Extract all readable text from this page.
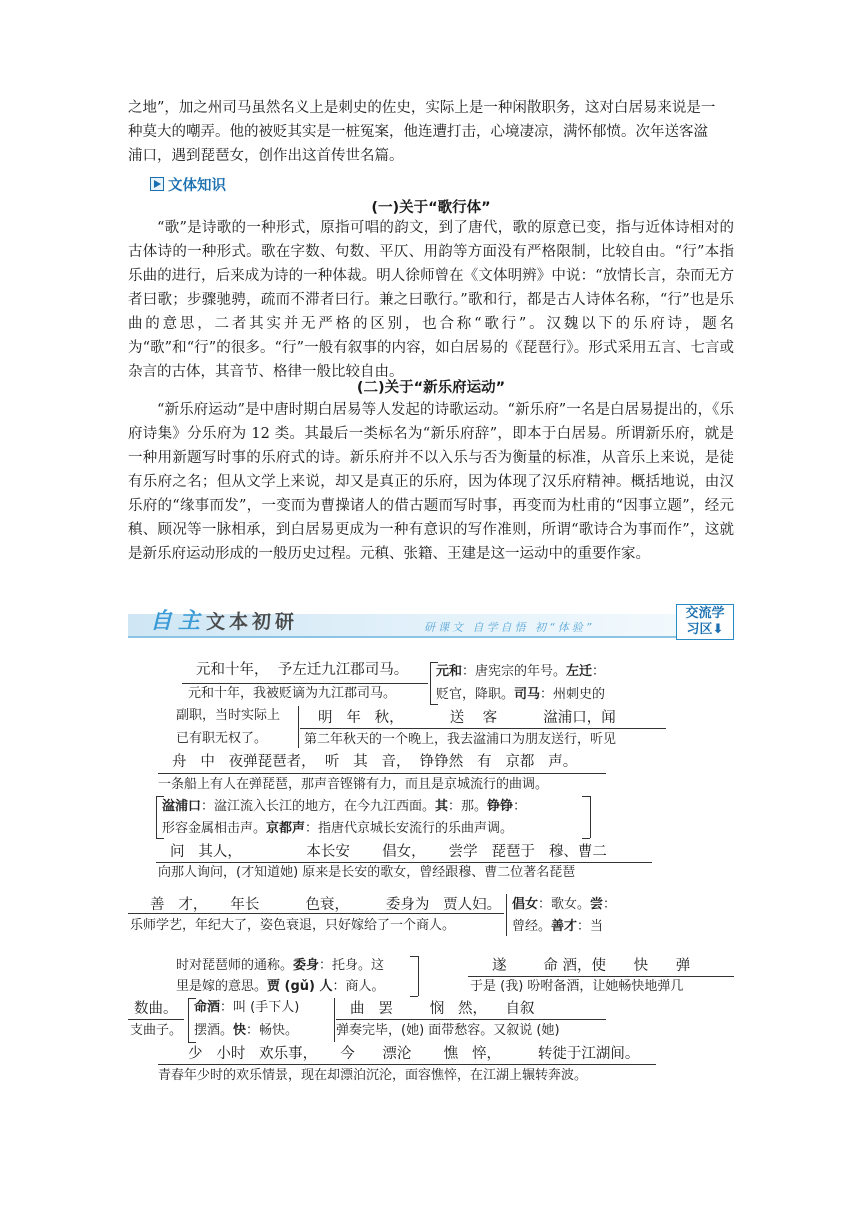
之地”，加之州司马虽然名义上是刺史的佐史，实际上是一种闲散职务，这对白居易来说是一

种莫大的嘲弄。他的被贬其实是一桩冤案，他连遭打击，心境凄凉，满怀郁愤。次年送客湓

浦口，遇到琵琶女，创作出这首传世名篇。

文体知识
(一)关于“歌行体”

“歌”是诗歌的一种形式，原指可唱的韵文，到了唐代，歌的原意已变，指与近体诗相对的古体诗的一种形式。歌在字数、句数、平仄、用韵等方面没有严格限制，比较自由。“行”本指乐曲的进行，后来成为诗的一种体裁。明人徐师曾在《文体明辨》中说：“放情长言，杂而无方者曰歌；步骤驰骋，疏而不滞者曰行。兼之曰歌行。”歌和行，都是古人诗体名称，“行”也是乐曲的意思，二者其实并无严格的区别，也合称“歌行”。汉魏以下的乐府诗，题名为“歌”和“行”的很多。“行”一般有叙事的内容，如白居易的《琵琶行》。形式采用五言、七言或杂言的古体，其音节、格律一般比较自由。

(二)关于“新乐府运动”

“新乐府运动”是中唐时期白居易等人发起的诗歌运动。“新乐府”一名是白居易提出的，《乐府诗集》分乐府为 12 类。其最后一类标名为“新乐府辞”，即本于白居易。所谓新乐府，就是一种用新题写时事的乐府式的诗。新乐府并不以入乐与否为衡量的标准，从音乐上来说，是徒有乐府之名；但从文学上来说，却又是真正的乐府，因为体现了汉乐府精神。概括地说，由汉乐府的“缘事而发”，一变而为曹操诸人的借古题而写时事，再变而为杜甫的“因事立题”，经元稹、顾况等一脉相承，到白居易更成为一种有意识的写作准则，所谓“歌诗合为事而作”，这就是新乐府运动形成的一般历史过程。元稹、张籍、王建是这一运动中的重要作家。

自主文本初研	研课文 自学自悟 初“体验”
交流学
习区⬇
元和十年，  予左迁九江郡司马。
元和十年，我被贬谪为九江郡司马。
元和：唐宪宗的年号。左迁：
贬官，降职。司马：州刺史的
副职，当时实际上
已有职无权了。
明   年   秋，          送    客          湓浦口，闻
第二年秋天的一个晚上，我去湓浦口为朋友送行，听见
舟   中   夜弹琵琶者，  听   其   音，  铮铮然   有   京都   声。
一条船上有人在弹琵琶，那声音铿锵有力，而且是京城流行的曲调。
湓浦口：湓江流入长江的地方，在今九江西面。其：那。铮铮：
形容金属相击声。京都声：指唐代京城长安流行的乐曲声调。
问   其人，              本长安       倡女，     尝学   琵琶于   穆、曹二
向那人询问，(才知道她) 原来是长安的歌女，曾经跟穆、曹二位著名琵琶
善   才，     年长          色衰，        委身为   贾人妇。
乐师学艺，年纪大了，姿色衰退，只好嫁给了一个商人。
倡女：歌女。尝：
曾经。善才：当
时对琵琶师的通称。委身：托身。这
里是嫁的意思。贾 (gǔ) 人：商人。
遂        命 酒，使      快      弹
于是 (我) 吩咐备酒，让她畅快地弹几
数曲。
支曲子。
命酒：叫 (手下人)
摆酒。快：畅快。
曲   罢        悯   然，    自叙
弹奏完毕，(她) 面带愁容。又叙说 (她)
少   小时   欢乐事，     今      漂沦       憔   悴，        转徙于江湖间。
青春年少时的欢乐情景，现在却漂泊沉沦，面容憔悴，在江湖上辗转奔波。
